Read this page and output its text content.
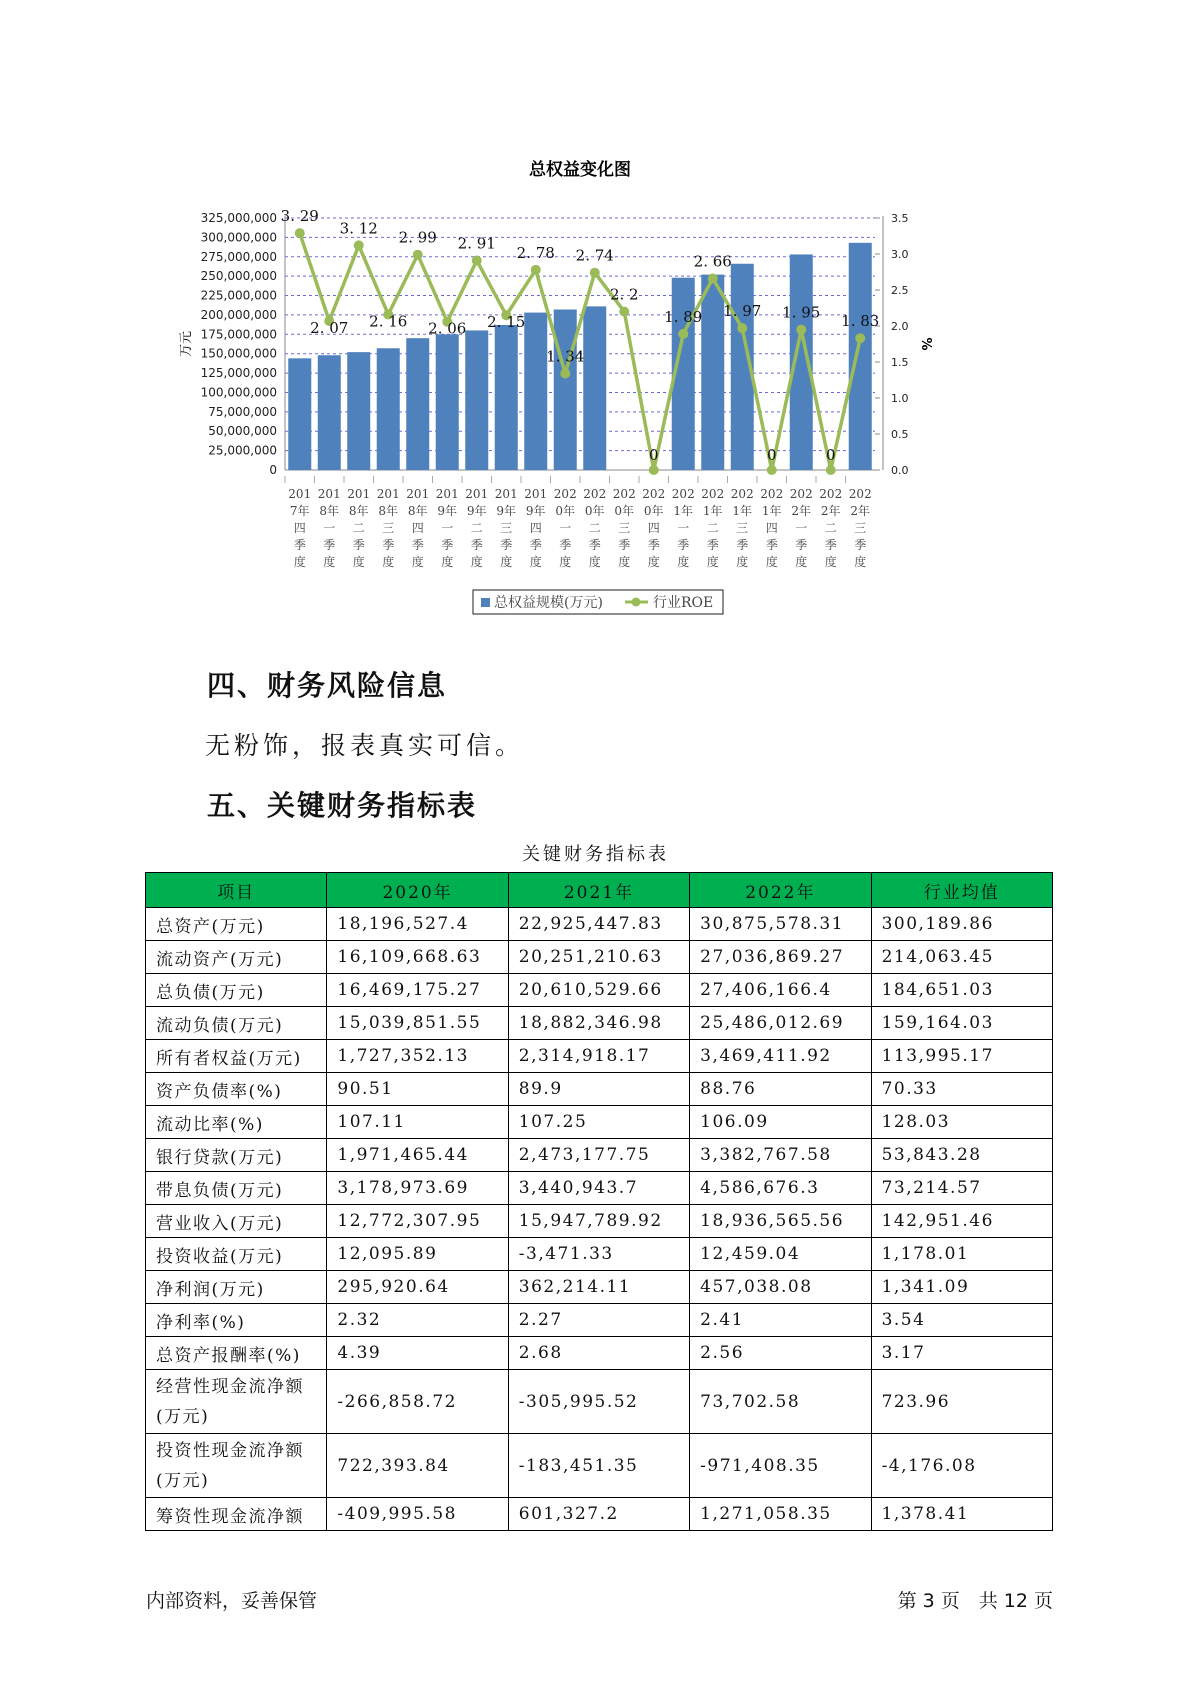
总权益变化图
0
25,000,000
50,000,000
75,000,000
100,000,000
125,000,000
150,000,000
175,000,000
200,000,000
225,000,000
250,000,000
275,000,000
300,000,000
325,000,000
0.0
0.5
1.0
1.5
2.0
2.5
3.0
3.5
万元	%
201
7年
四
季
度
201
8年
一
季
度
201
8年
二
季
度
201
8年
三
季
度
201
8年
四
季
度
201
9年
一
季
度
201
9年
二
季
度
201
9年
三
季
度
201
9年
四
季
度
202
0年
一
季
度
202
0年
二
季
度
202
0年
三
季
度
202
0年
四
季
度
202
1年
一
季
度
202
1年
二
季
度
202
1年
三
季
度
202
1年
四
季
度
202
2年
一
季
度
202
2年
二
季
度
202
2年
三
季
度
3. 29
2. 07
3. 12
2. 16
2. 99
2. 06
2. 91
2. 15
2. 78
1. 34
2. 74
2. 2
0
1. 89
2. 66
1. 97
0
1. 95
0
1. 83
总权益规模(万元)	行业ROE
四、财务风险信息
无粉饰，报表真实可信。
五、关键财务指标表
关键财务指标表
项目	2020年	2021年	2022年	行业均值
总资产(万元)	18,196,527.4	22,925,447.83	30,875,578.31	300,189.86
流动资产(万元)	16,109,668.63	20,251,210.63	27,036,869.27	214,063.45
总负债(万元)	16,469,175.27	20,610,529.66	27,406,166.4	184,651.03
流动负债(万元)	15,039,851.55	18,882,346.98	25,486,012.69	159,164.03
所有者权益(万元)	1,727,352.13	2,314,918.17	3,469,411.92	113,995.17
资产负债率(%)	90.51	89.9	88.76	70.33
流动比率(%)	107.11	107.25	106.09	128.03
银行贷款(万元)	1,971,465.44	2,473,177.75	3,382,767.58	53,843.28
带息负债(万元)	3,178,973.69	3,440,943.7	4,586,676.3	73,214.57
营业收入(万元)	12,772,307.95	15,947,789.92	18,936,565.56	142,951.46
投资收益(万元)	12,095.89	-3,471.33	12,459.04	1,178.01
净利润(万元)	295,920.64	362,214.11	457,038.08	1,341.09
净利率(%)	2.32	2.27	2.41	3.54
总资产报酬率(%)	4.39	2.68	2.56	3.17
经营性现金流净额(万元)	-266,858.72	-305,995.52	73,702.58	723.96
投资性现金流净额(万元)	722,393.84	-183,451.35	-971,408.35	-4,176.08
筹资性现金流净额	-409,995.58	601,327.2	1,271,058.35	1,378.41
内部资料，妥善保管	第 3 页　共 12 页
